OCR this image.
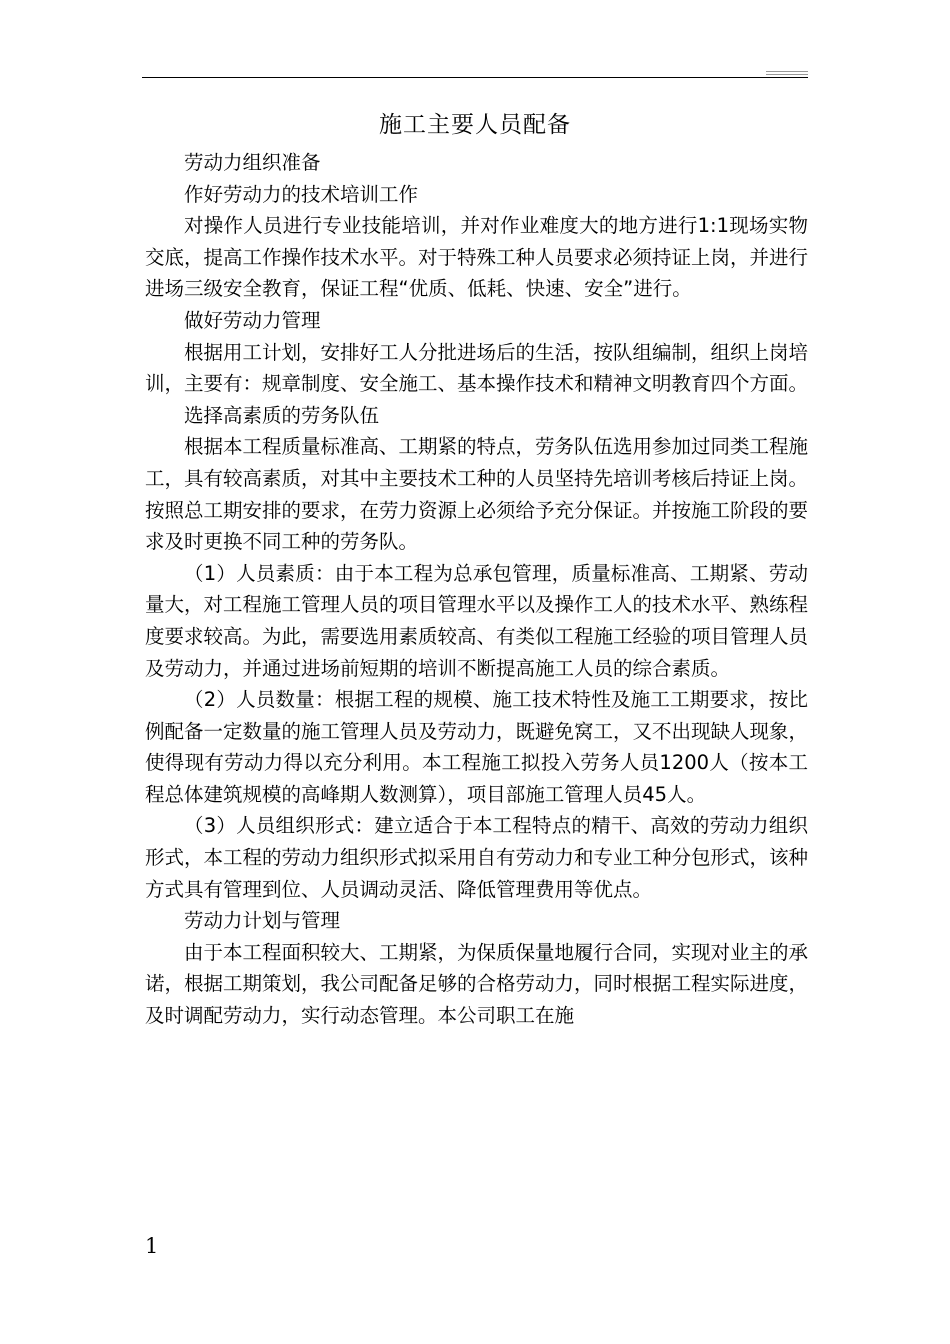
施工主要人员配备

劳动力组织准备

作好劳动力的技术培训工作

对操作人员进行专业技能培训，并对作业难度大的地方进行1:1现场实物交底，提高工作操作技术水平。对于特殊工种人员要求必须持证上岗，并进行进场三级安全教育，保证工程“优质、低耗、快速、安全”进行。

做好劳动力管理

根据用工计划，安排好工人分批进场后的生活，按队组编制，组织上岗培训，主要有：规章制度、安全施工、基本操作技术和精神文明教育四个方面。

选择高素质的劳务队伍

根据本工程质量标准高、工期紧的特点，劳务队伍选用参加过同类工程施工，具有较高素质，对其中主要技术工种的人员坚持先培训考核后持证上岗。按照总工期安排的要求，在劳力资源上必须给予充分保证。并按施工阶段的要求及时更换不同工种的劳务队。

（1）人员素质：由于本工程为总承包管理，质量标准高、工期紧、劳动量大，对工程施工管理人员的项目管理水平以及操作工人的技术水平、熟练程度要求较高。为此，需要选用素质较高、有类似工程施工经验的项目管理人员及劳动力，并通过进场前短期的培训不断提高施工人员的综合素质。

（2）人员数量：根据工程的规模、施工技术特性及施工工期要求，按比例配备一定数量的施工管理人员及劳动力，既避免窝工，又不出现缺人现象，使得现有劳动力得以充分利用。本工程施工拟投入劳务人员1200人（按本工程总体建筑规模的高峰期人数测算），项目部施工管理人员45人。

（3）人员组织形式：建立适合于本工程特点的精干、高效的劳动力组织形式，本工程的劳动力组织形式拟采用自有劳动力和专业工种分包形式，该种方式具有管理到位、人员调动灵活、降低管理费用等优点。

劳动力计划与管理

由于本工程面积较大、工期紧，为保质保量地履行合同，实现对业主的承诺，根据工期策划，我公司配备足够的合格劳动力，同时根据工程实际进度，及时调配劳动力，实行动态管理。本公司职工在施

1
